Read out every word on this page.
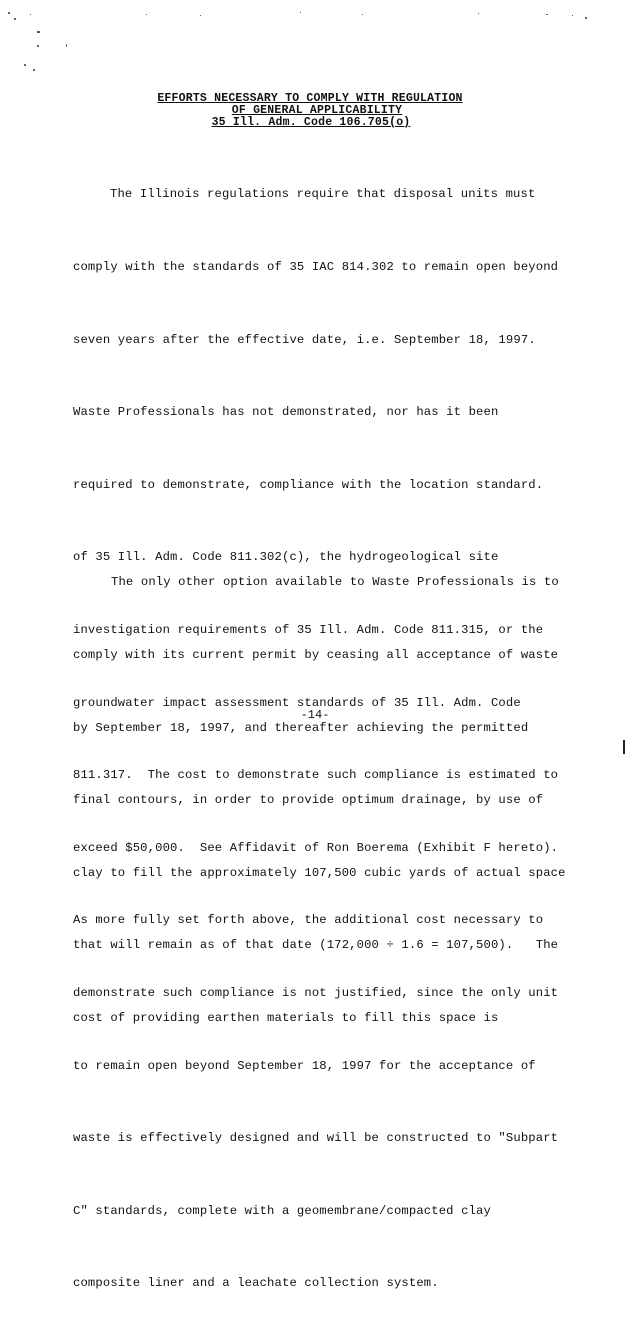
EFFORTS NECESSARY TO COMPLY WITH REGULATION
OF GENERAL APPLICABILITY
35 Ill. Adm. Code 106.705(o)

The Illinois regulations require that disposal units must

comply with the standards of 35 IAC 814.302 to remain open beyond

seven years after the effective date, i.e. September 18, 1997.

Waste Professionals has not demonstrated, nor has it been

required to demonstrate, compliance with the location standard.

of 35 Ill. Adm. Code 811.302(c), the hydrogeological site

investigation requirements of 35 Ill. Adm. Code 811.315, or the

groundwater impact assessment standards of 35 Ill. Adm. Code

811.317.  The cost to demonstrate such compliance is estimated to

exceed $50,000.  See Affidavit of Ron Boerema (Exhibit F hereto).

As more fully set forth above, the additional cost necessary to

demonstrate such compliance is not justified, since the only unit

to remain open beyond September 18, 1997 for the acceptance of

waste is effectively designed and will be constructed to "Subpart

C" standards, complete with a geomembrane/compacted clay

composite liner and a leachate collection system.

The only other option available to Waste Professionals is to

comply with its current permit by ceasing all acceptance of waste

by September 18, 1997, and thereafter achieving the permitted

final contours, in order to provide optimum drainage, by use of

clay to fill the approximately 107,500 cubic yards of actual space

that will remain as of that date (172,000 ÷ 1.6 = 107,500).   The

cost of providing earthen materials to fill this space is

-14-
